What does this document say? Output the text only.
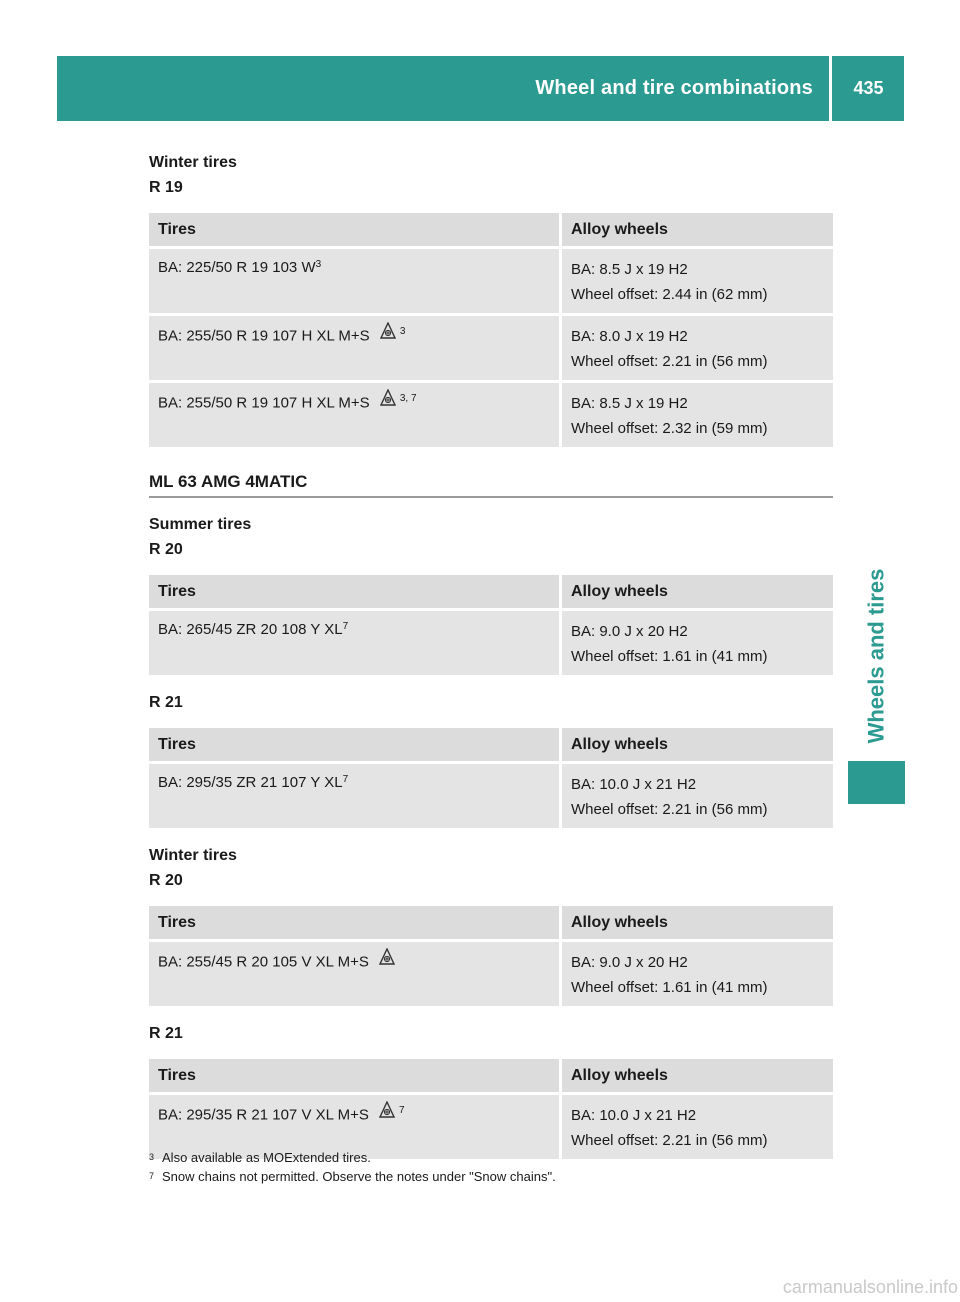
Wheel and tire combinations	435
Wheels and tires
Winter tires
R 19
Tires	Alloy wheels
BA: 225/50 R 19 103 $W^3$	BA: 8.5 J x 19 H2
Wheel offset: 2.44 in (62 mm)

BA: 255/50 R 19 107 H XL M+S $^3$	BA: 8.0 J x 19 H2
Wheel offset: 2.21 in (56 mm)

BA: 255/50 R 19 107 H XL M+S $^{3, 7}$	BA: 8.5 J x 19 H2
Wheel offset: 2.32 in (59 mm)
ML 63 AMG 4MATIC
Summer tires
R 20
Tires	Alloy wheels
BA: 265/45 ZR 20 108 Y $XL^7$	BA: 9.0 J x 20 H2
Wheel offset: 1.61 in (41 mm)
R 21
Tires	Alloy wheels
BA: 295/35 ZR 21 107 Y $XL^7$	BA: 10.0 J x 21 H2
Wheel offset: 2.21 in (56 mm)
Winter tires
R 20
Tires	Alloy wheels
BA: 255/45 R 20 105 V XL M+S	BA: 9.0 J x 20 H2
Wheel offset: 1.61 in (41 mm)
R 21
Tires	Alloy wheels
BA: 295/35 R 21 107 V XL M+S $^7$	BA: 10.0 J x 21 H2
Wheel offset: 2.21 in (56 mm)
$^3$ Also available as MOExtended tires.
$^7$ Snow chains not permitted. Observe the notes under "Snow chains".
carmanualsonline.info
